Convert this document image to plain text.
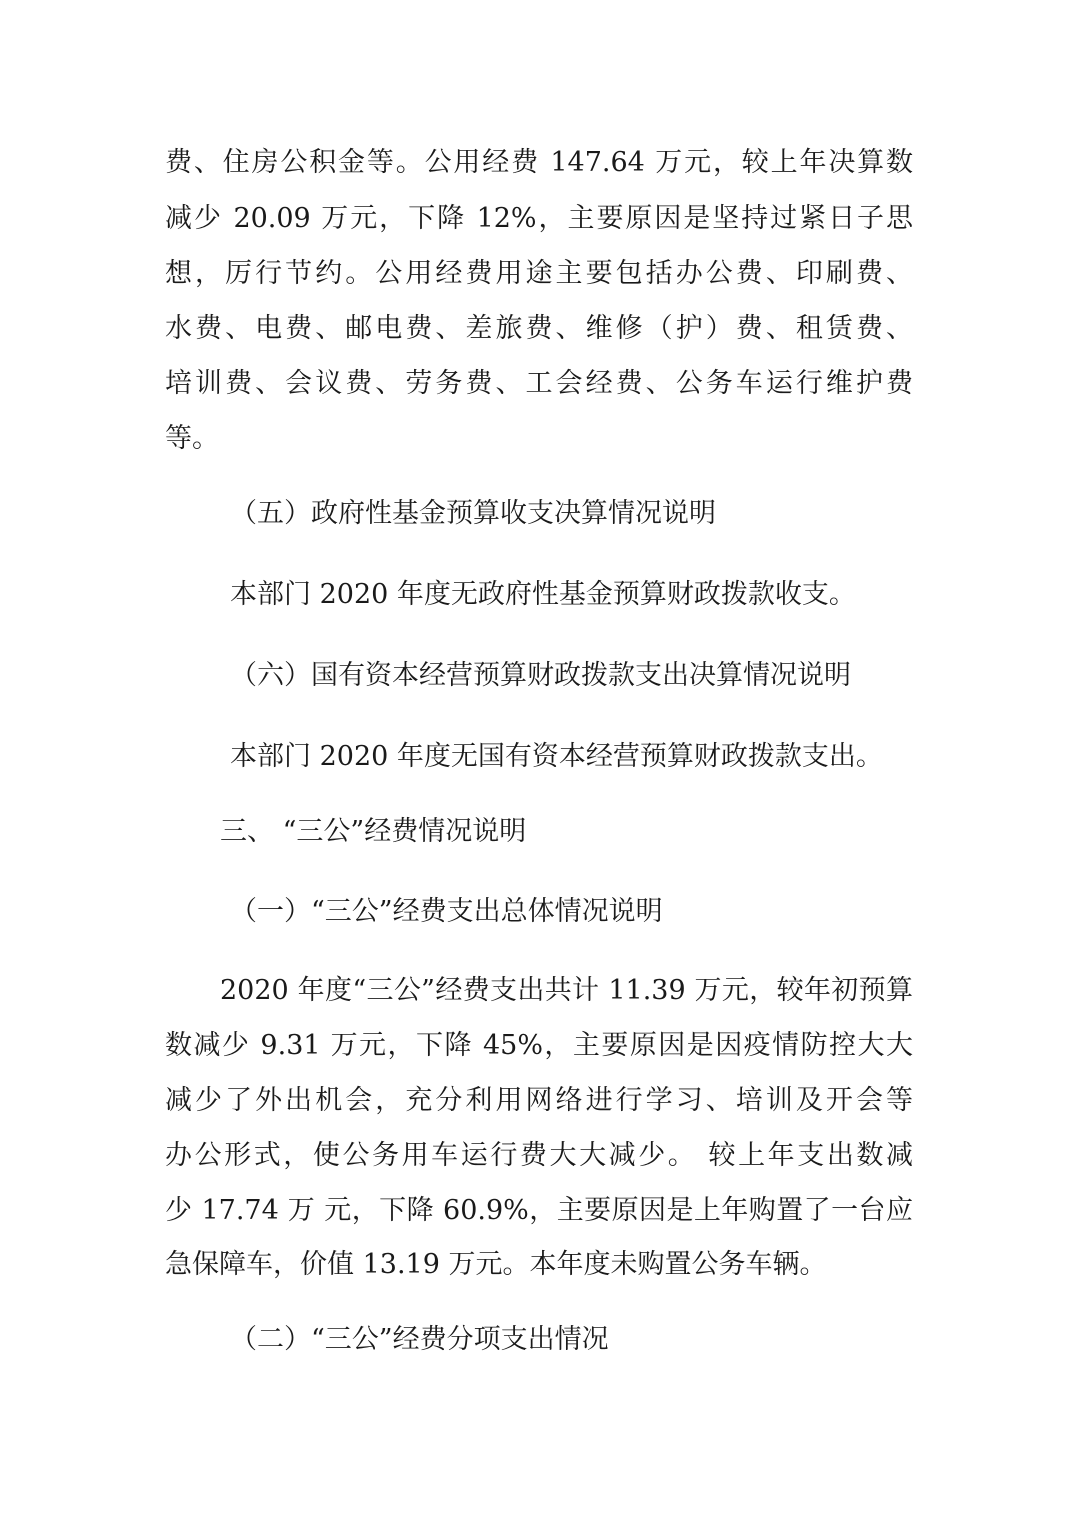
费、住房公积金等。公用经费 147.64 万元，较上年决算数
减少 20.09 万元，下降 12%，主要原因是坚持过紧日子思
想，厉行节约。公用经费用途主要包括办公费、印刷费、
水费、电费、邮电费、差旅费、维修（护）费、租赁费、
培训费、会议费、劳务费、工会经费、公务车运行维护费
等。
（五）政府性基金预算收支决算情况说明
本部门 2020 年度无政府性基金预算财政拨款收支。
（六）国有资本经营预算财政拨款支出决算情况说明
本部门 2020 年度无国有资本经营预算财政拨款支出。
三、 “三公”经费情况说明
（一）“三公”经费支出总体情况说明
2020 年度“三公”经费支出共计 11.39 万元，较年初预算
数减少 9.31 万元，下降 45%，主要原因是因疫情防控大大
减少了外出机会，充分利用网络进行学习、培训及开会等
办公形式，使公务用车运行费大大减少。 较上年支出数减
少 17.74 万 元，下降 60.9%，主要原因是上年购置了一台应
急保障车，价值 13.19 万元。本年度未购置公务车辆。
（二）“三公”经费分项支出情况
